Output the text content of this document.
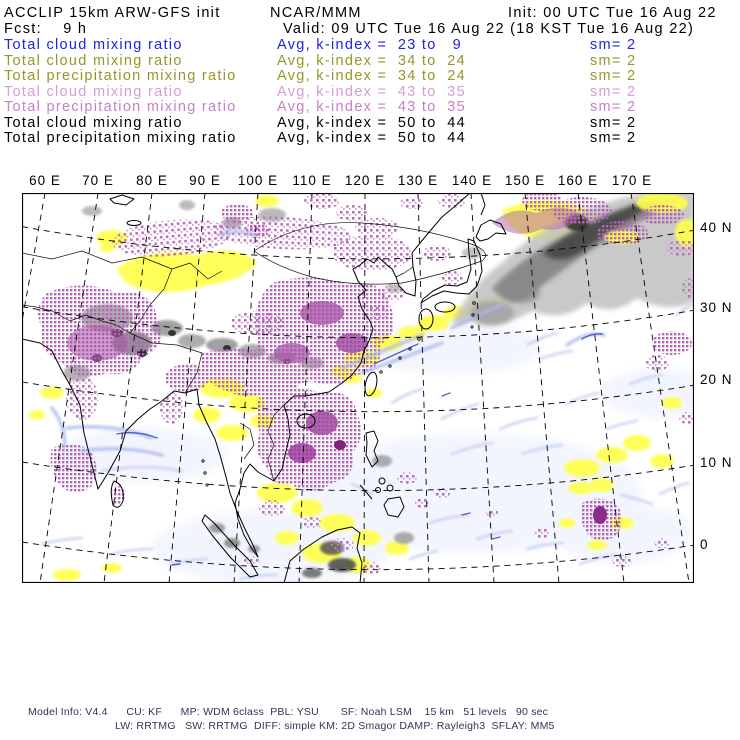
ACCLIP 15km ARW-GFS init	NCAR/MMM	Init: 00 UTC Tue 16 Aug 22
Fcst:    9 h	Valid: 09 UTC Tue 16 Aug 22 (18 KST Tue 16 Aug 22)
Total cloud mixing ratio	Avg, k-index =  23 to   9	sm= 2
Total cloud mixing ratio	Avg, k-index =  34 to  24	sm= 2
Total precipitation mixing ratio	Avg, k-index =  34 to  24	sm= 2
Total cloud mixing ratio	Avg, k-index =  43 to  35	sm= 2
Total precipitation mixing ratio	Avg, k-index =  43 to  35	sm= 2
Total cloud mixing ratio	Avg, k-index =  50 to  44	sm= 2
Total precipitation mixing ratio	Avg, k-index =  50 to  44	sm= 2
60 E 70 E 80 E 90 E 100 E 110 E 120 E 130 E 140 E 150 E 160 E 170 E
40 N
30 N
20 N
10 N
0
Model Info: V4.4      CU: KF      MP: WDM 6class  PBL: YSU       SF: Noah LSM    15 km   51 levels   90 sec
LW: RRTMG   SW: RRTMG  DIFF: simple KM: 2D Smagor DAMP: Rayleigh3  SFLAY: MM5
